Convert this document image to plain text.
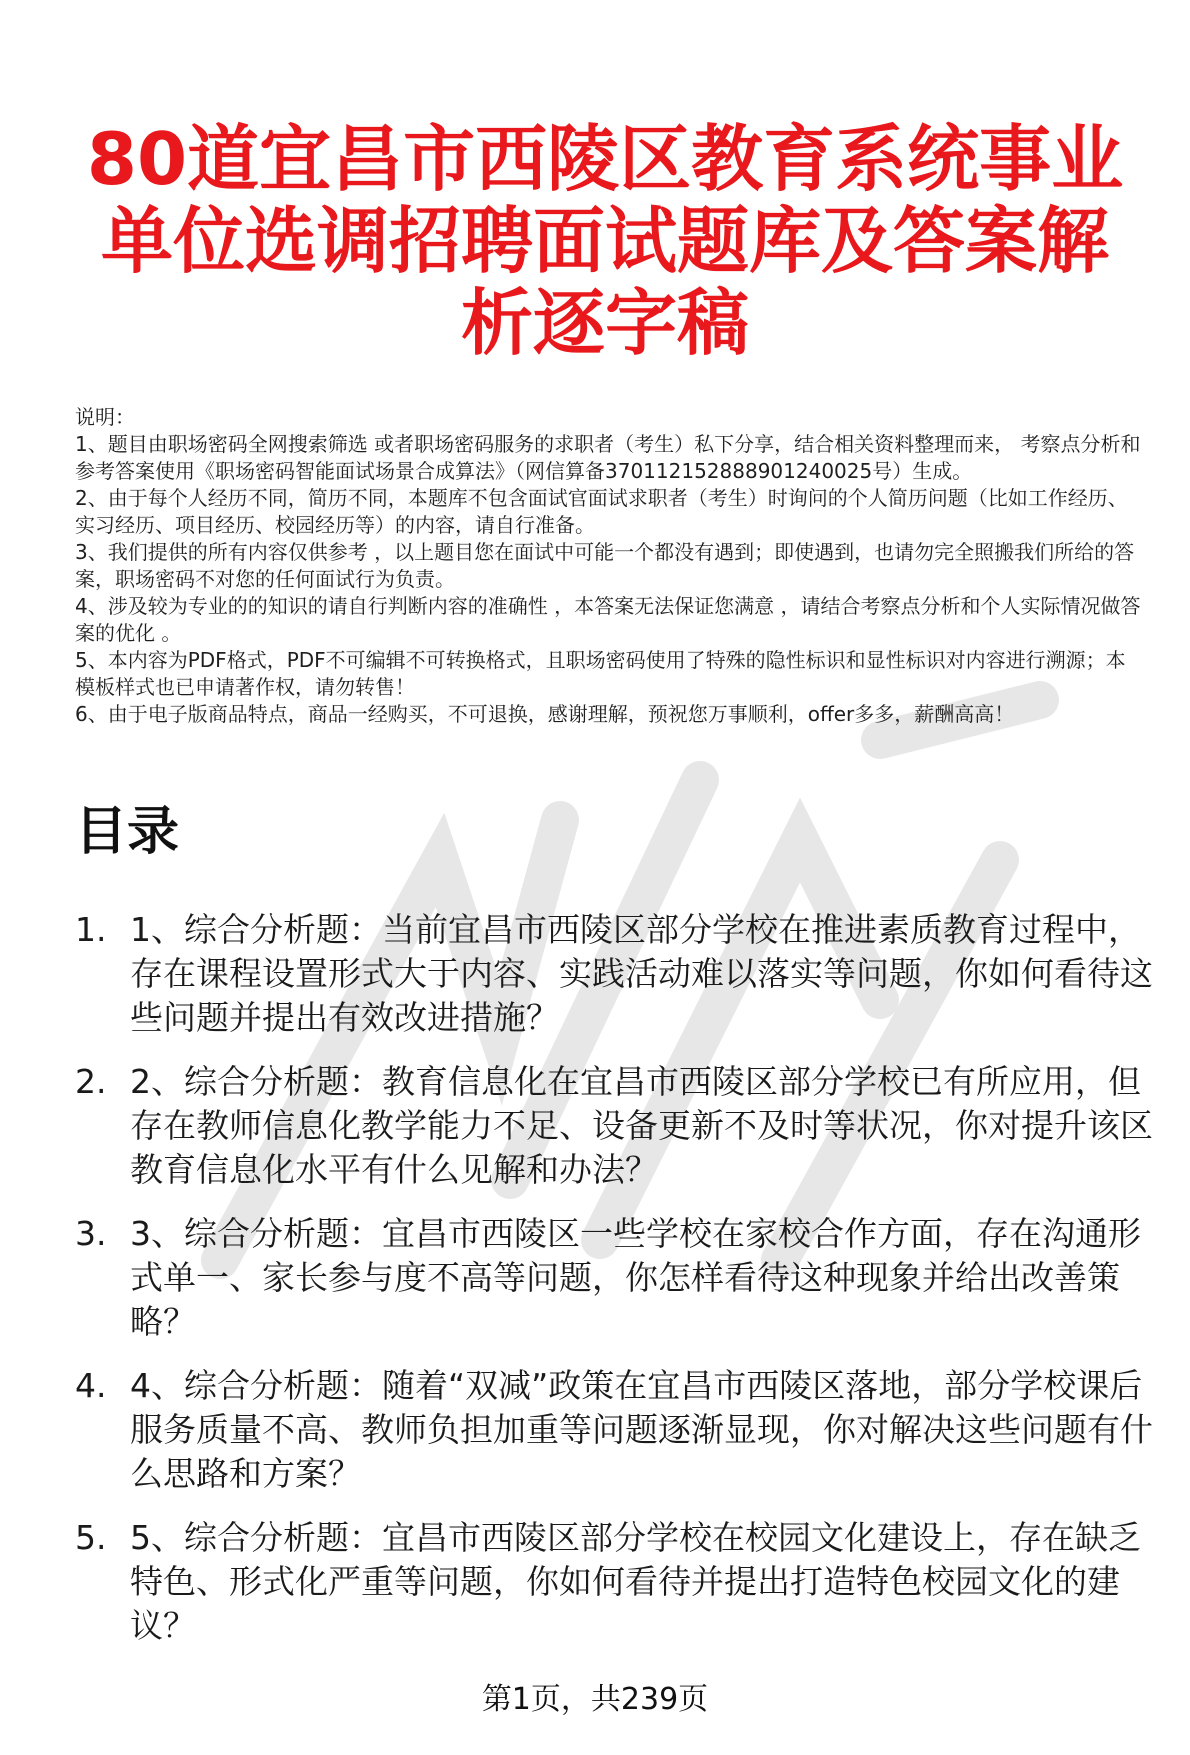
80道宜昌市西陵区教育系统事业单位选调招聘面试题库及答案解析逐字稿

说明：

1、题目由职场密码全网搜索筛选 或者职场密码服务的求职者（考生）私下分享，结合相关资料整理而来， 考察点分析和参考答案使用《职场密码智能面试场景合成算法》（网信算备370112152888901240025号）生成。

2、由于每个人经历不同，简历不同，本题库不包含面试官面试求职者（考生）时询问的个人简历问题（比如工作经历、实习经历、项目经历、校园经历等）的内容，请自行准备。

3、我们提供的所有内容仅供参考 ，以上题目您在面试中可能一个都没有遇到；即使遇到，也请勿完全照搬我们所给的答案，职场密码不对您的任何面试行为负责。

4、涉及较为专业的的知识的请自行判断内容的准确性 ，本答案无法保证您满意 ，请结合考察点分析和个人实际情况做答案的优化 。

5、本内容为PDF格式，PDF不可编辑不可转换格式，且职场密码使用了特殊的隐性标识和显性标识对内容进行溯源；本模板样式也已申请著作权，请勿转售！

6、由于电子版商品特点，商品一经购买，不可退换，感谢理解，预祝您万事顺利，offer多多，薪酬高高！

目录
1. 1、综合分析题：当前宜昌市西陵区部分学校在推进素质教育过程中，存在课程设置形式大于内容、实践活动难以落实等问题，你如何看待这些问题并提出有效改进措施？
2. 2、综合分析题：教育信息化在宜昌市西陵区部分学校已有所应用，但存在教师信息化教学能力不足、设备更新不及时等状况，你对提升该区教育信息化水平有什么见解和办法？
3. 3、综合分析题：宜昌市西陵区一些学校在家校合作方面，存在沟通形式单一、家长参与度不高等问题，你怎样看待这种现象并给出改善策略？
4. 4、综合分析题：随着“双减”政策在宜昌市西陵区落地，部分学校课后服务质量不高、教师负担加重等问题逐渐显现，你对解决这些问题有什么思路和方案？
5. 5、综合分析题：宜昌市西陵区部分学校在校园文化建设上，存在缺乏特色、形式化严重等问题，你如何看待并提出打造特色校园文化的建议？
第1页，共239页
